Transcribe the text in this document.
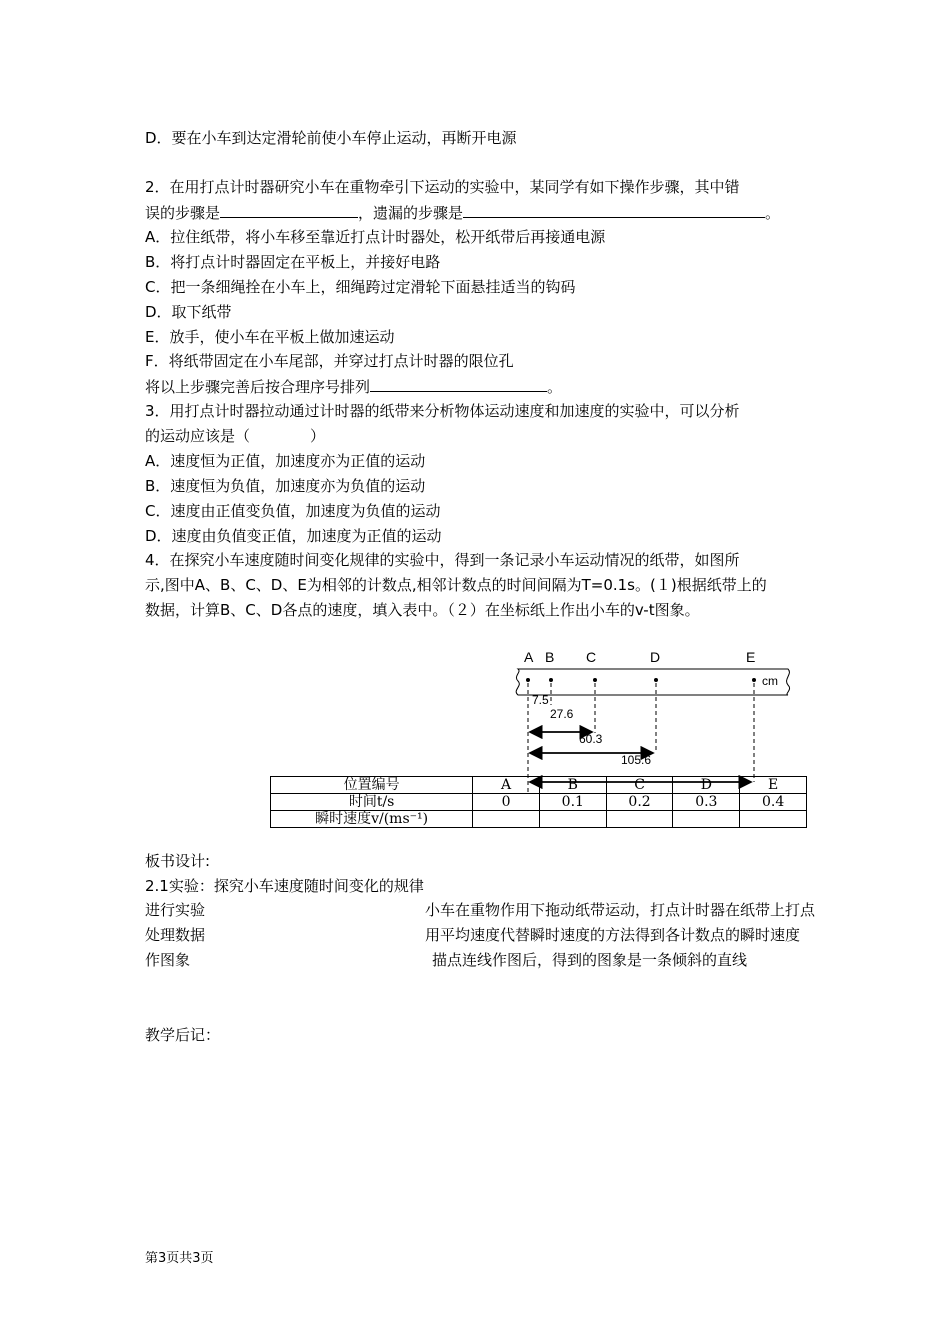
D．要在小车到达定滑轮前使小车停止运动，再断开电源
2．在用打点计时器研究小车在重物牵引下运动的实验中，某同学有如下操作步骤，其中错
误的步骤是	，遗漏的步骤是	。
A．拉住纸带，将小车移至靠近打点计时器处，松开纸带后再接通电源
B．将打点计时器固定在平板上，并接好电路
C．把一条细绳拴在小车上，细绳跨过定滑轮下面悬挂适当的钩码
D．取下纸带
E．放手，使小车在平板上做加速运动
F．将纸带固定在小车尾部，并穿过打点计时器的限位孔
将以上步骤完善后按合理序号排列	。
3．用打点计时器拉动通过计时器的纸带来分析物体运动速度和加速度的实验中，可以分析
的运动应该是（　　　　）
A．速度恒为正值，加速度亦为正值的运动
B．速度恒为负值，加速度亦为负值的运动
C．速度由正值变负值，加速度为负值的运动
D．速度由负值变正值，加速度为正值的运动
4．在探究小车速度随时间变化规律的实验中，得到一条记录小车运动情况的纸带，如图所
示,图中A、B、C、D、E为相邻的计数点,相邻计数点的时间间隔为T=0.1s。(１)根据纸带上的
数据，计算B、C、D各点的速度，填入表中。（２）在坐标纸上作出小车的v-t图象。
A B C	D	E
cm
7.5
27.6
60.3
105.6
位置编号	A	B	C	D	E
时间t/s	0	0.1	0.2	0.3	0.4
瞬时速度v/(ms⁻¹)					
板书设计:
2.1实验：探究小车速度随时间变化的规律
进行实验	小车在重物作用下拖动纸带运动，打点计时器在纸带上打点
处理数据	用平均速度代替瞬时速度的方法得到各计数点的瞬时速度
作图象	描点连线作图后，得到的图象是一条倾斜的直线
教学后记：
第3页共3页
